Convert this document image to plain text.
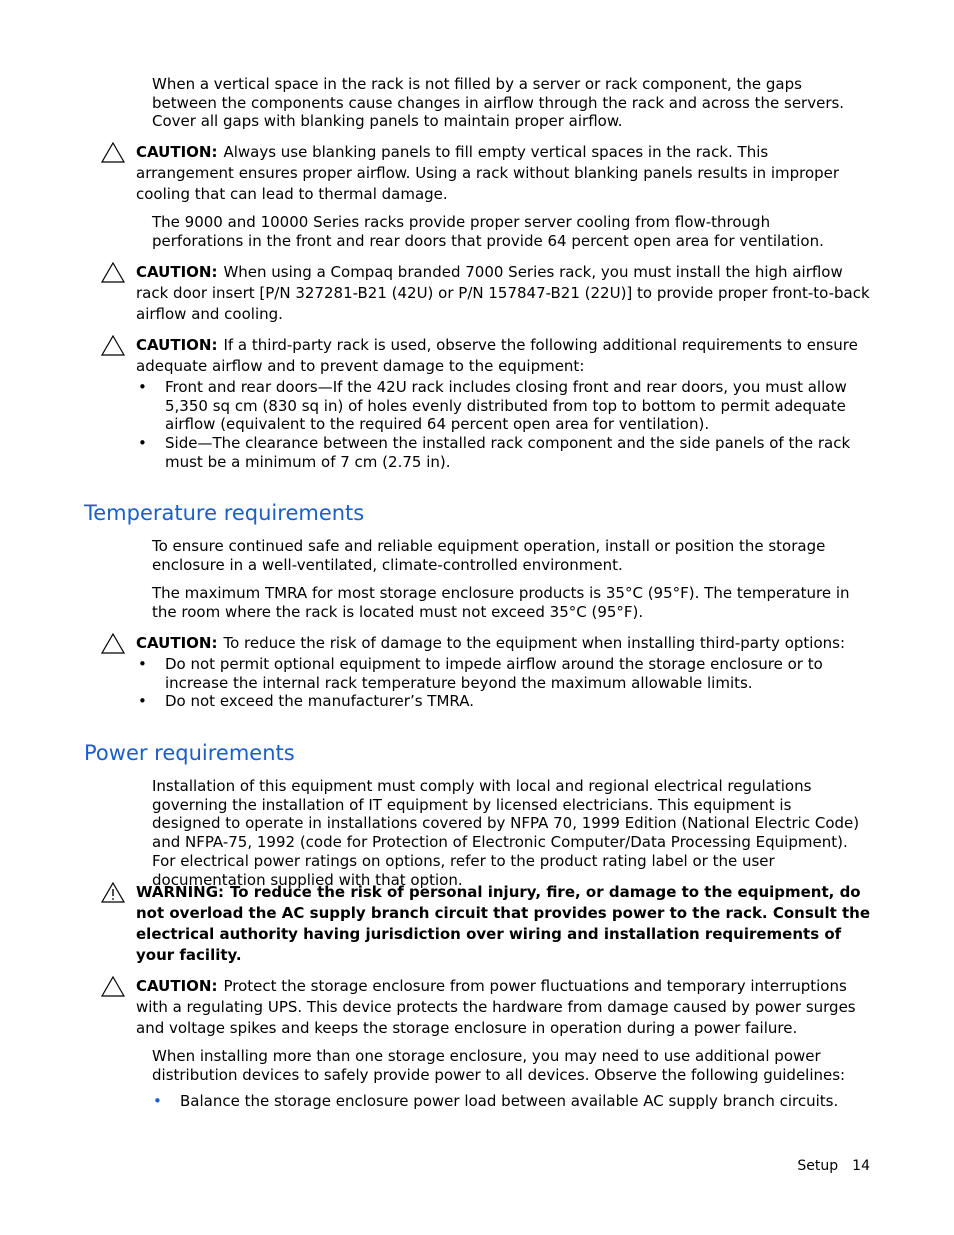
When a vertical space in the rack is not filled by a server or rack component, the gaps between the components cause changes in airflow through the rack and across the servers. Cover all gaps with blanking panels to maintain proper airflow.
CAUTION: Always use blanking panels to fill empty vertical spaces in the rack. This arrangement ensures proper airflow. Using a rack without blanking panels results in improper cooling that can lead to thermal damage.
The 9000 and 10000 Series racks provide proper server cooling from flow-through perforations in the front and rear doors that provide 64 percent open area for ventilation.
CAUTION: When using a Compaq branded 7000 Series rack, you must install the high airflow rack door insert [P/N 327281-B21 (42U) or P/N 157847-B21 (22U)] to provide proper front-to-back airflow and cooling.
CAUTION: If a third-party rack is used, observe the following additional requirements to ensure adequate airflow and to prevent damage to the equipment:
• Front and rear doors—If the 42U rack includes closing front and rear doors, you must allow 5,350 sq cm (830 sq in) of holes evenly distributed from top to bottom to permit adequate airflow (equivalent to the required 64 percent open area for ventilation).
• Side—The clearance between the installed rack component and the side panels of the rack must be a minimum of 7 cm (2.75 in).
Temperature requirements
To ensure continued safe and reliable equipment operation, install or position the storage enclosure in a well-ventilated, climate-controlled environment.
The maximum TMRA for most storage enclosure products is 35°C (95°F). The temperature in the room where the rack is located must not exceed 35°C (95°F).
CAUTION: To reduce the risk of damage to the equipment when installing third-party options:
• Do not permit optional equipment to impede airflow around the storage enclosure or to increase the internal rack temperature beyond the maximum allowable limits.
• Do not exceed the manufacturer’s TMRA.
Power requirements
Installation of this equipment must comply with local and regional electrical regulations governing the installation of IT equipment by licensed electricians. This equipment is designed to operate in installations covered by NFPA 70, 1999 Edition (National Electric Code) and NFPA-75, 1992 (code for Protection of Electronic Computer/Data Processing Equipment). For electrical power ratings on options, refer to the product rating label or the user documentation supplied with that option.
WARNING: To reduce the risk of personal injury, fire, or damage to the equipment, do not overload the AC supply branch circuit that provides power to the rack. Consult the electrical authority having jurisdiction over wiring and installation requirements of your facility.
CAUTION: Protect the storage enclosure from power fluctuations and temporary interruptions with a regulating UPS. This device protects the hardware from damage caused by power surges and voltage spikes and keeps the storage enclosure in operation during a power failure.
When installing more than one storage enclosure, you may need to use additional power distribution devices to safely provide power to all devices. Observe the following guidelines:
• Balance the storage enclosure power load between available AC supply branch circuits.
Setup 14
